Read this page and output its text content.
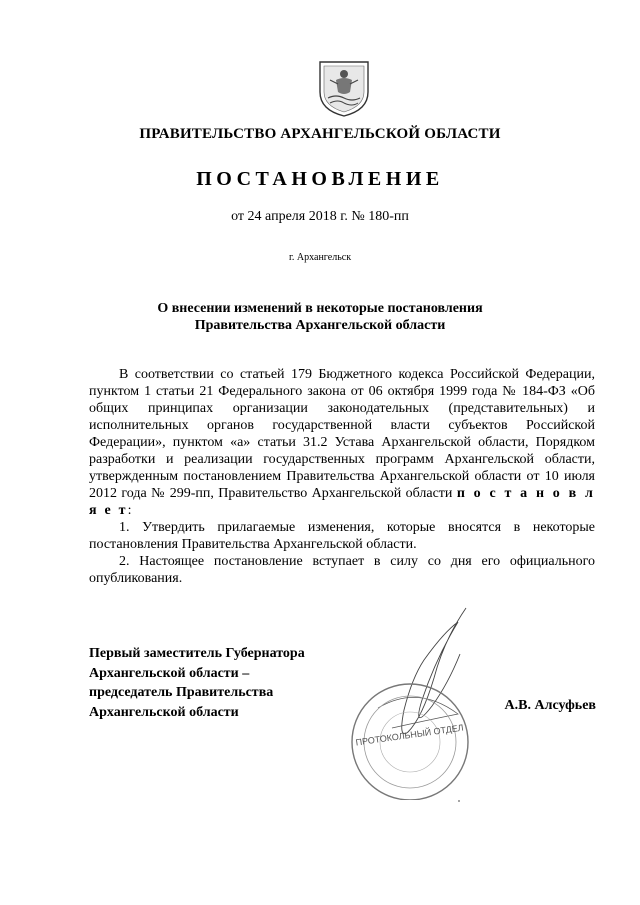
ПРАВИТЕЛЬСТВО АРХАНГЕЛЬСКОЙ ОБЛАСТИ
ПОСТАНОВЛЕНИЕ
от 24 апреля 2018 г. № 180-пп
г. Архангельск
О внесении изменений в некоторые постановления
Правительства Архангельской области

В соответствии со статьей 179 Бюджетного кодекса Российской Федерации, пунктом 1 статьи 21 Федерального закона от 06 октября 1999 года № 184-ФЗ «Об общих принципах организации законодательных (представительных) и исполнительных органов государственной власти субъектов Российской Федерации», пунктом «а» статьи 31.2 Устава Архангельской области, Порядком разработки и реализации государственных программ Архангельской области, утвержденным постановлением Правительства Архангельской области от 10 июля 2012 года № 299-пп, Правительство Архангельской области п о с т а н о в л я е т:

1. Утвердить прилагаемые изменения, которые вносятся в некоторые постановления Правительства Архангельской области.

2. Настоящее постановление вступает в силу со дня его официального опубликования.

ПРОТОКОЛЬНЫЙ ОТДЕЛ
Первый заместитель Губернатора
Архангельской области –
председатель Правительства
Архангельской области	А.В. Алсуфьев
